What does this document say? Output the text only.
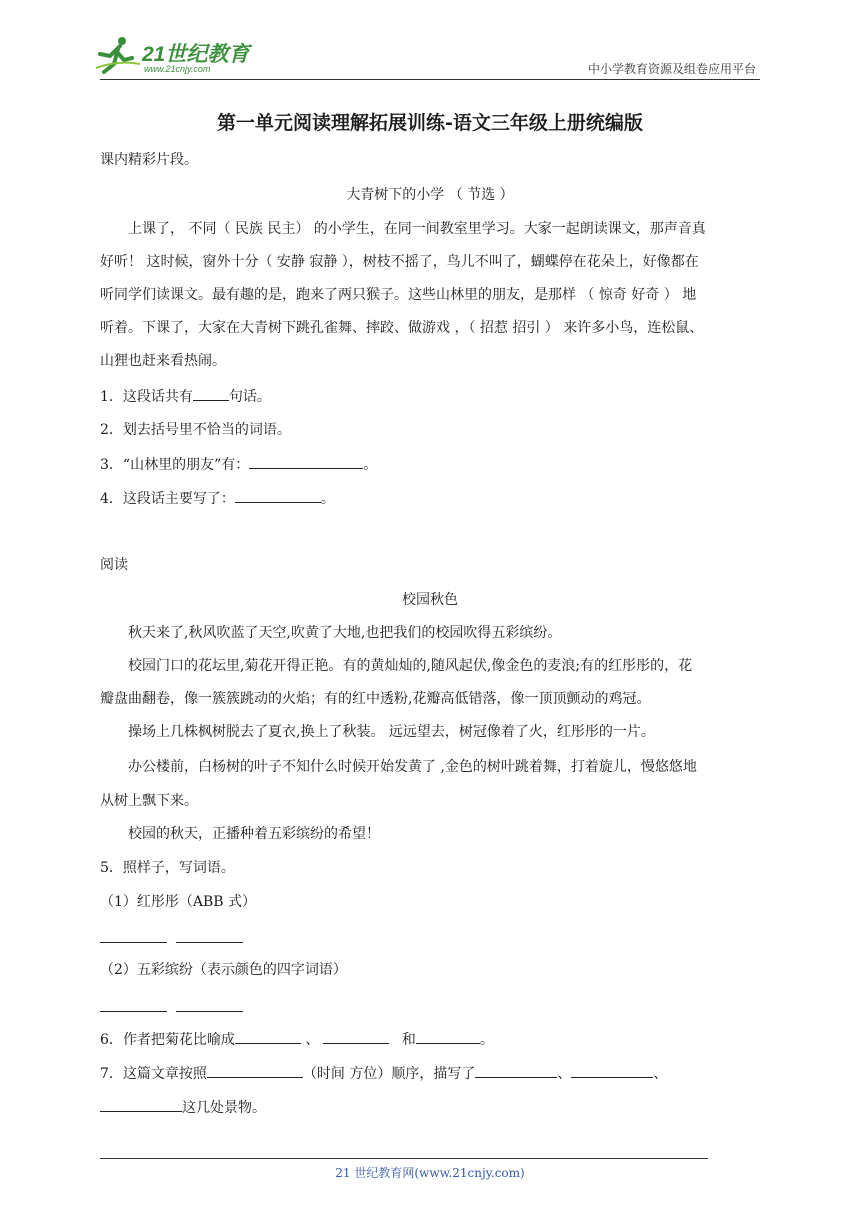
21世纪教育
www.21cnjy.com	中小学教育资源及组卷应用平台
第一单元阅读理解拓展训练-语文三年级上册统编版
课内精彩片段。
大青树下的小学 （ 节选 ）
上课了， 不同（ 民族 民主） 的小学生，在同一间教室里学习。大家一起朗读课文，那声音真
好听！ 这时候，窗外十分（ 安静 寂静 ），树枝不摇了，鸟儿不叫了，蝴蝶停在花朵上，好像都在
听同学们读课文。最有趣的是，跑来了两只猴子。这些山林里的朋友，是那样 （ 惊奇 好奇 ） 地
听着。下课了，大家在大青树下跳孔雀舞、摔跤、做游戏 ，（ 招惹 招引 ） 来许多小鸟，连松鼠、
山狸也赶来看热闹。
1．这段话共有	句话。
2．划去括号里不恰当的词语。
3．“山林里的朋友”有：	。
4．这段话主要写了：	。
阅读
校园秋色
秋天来了,秋风吹蓝了天空,吹黄了大地,也把我们的校园吹得五彩缤纷。
校园门口的花坛里,菊花开得正艳。有的黄灿灿的,随风起伏,像金色的麦浪;有的红彤彤的，花
瓣盘曲翻卷，像一簇簇跳动的火焰；有的红中透粉,花瓣高低错落，像一顶顶颤动的鸡冠。
操场上几株枫树脱去了夏衣,换上了秋装。 远远望去，树冠像着了火，红彤彤的一片。
办公楼前，白杨树的叶子不知什么时候开始发黄了 ,金色的树叶跳着舞，打着旋儿，慢悠悠地
从树上飘下来。
校园的秋天，正播种着五彩缤纷的希望！
5．照样子，写词语。
（1）红彤彤（ABB 式）
（2）五彩缤纷（表示颜色的四字词语）
6．作者把菊花比喻成	、	和	。
7．这篇文章按照	（时间 方位）顺序，描写了	、	、
这几处景物。
21 世纪教育网(www.21cnjy.com)
